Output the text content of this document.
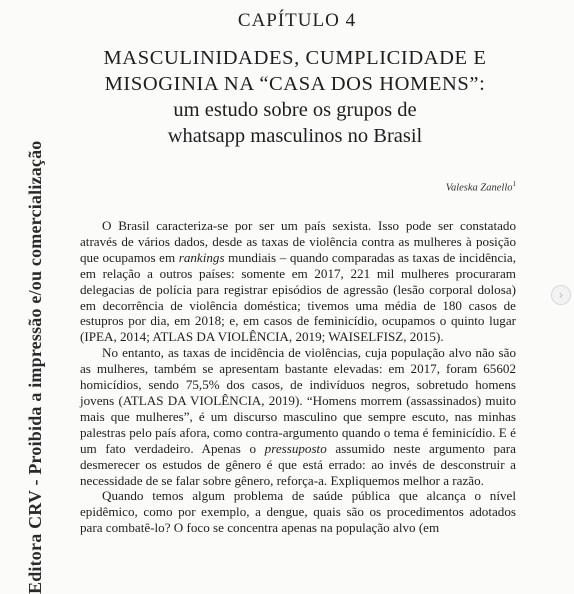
CAPÍTULO 4
MASCULINIDADES, CUMPLICIDADE E
MISOGINIA NA “CASA DOS HOMENS”:
um estudo sobre os grupos de
whatsapp masculinos no Brasil
Valeska Zanello$^1$
Editora CRV - Proibida a impressão e/ou comercialização	O Brasil caracteriza-se por ser um país sexista. Isso pode ser constatado através de vários dados, desde as taxas de violência contra as mulheres à posição que ocupamos em rankings mundiais – quando comparadas as taxas de incidência, em relação a outros países: somente em 2017, 221 mil mulheres procuraram delegacias de polícia para registrar episódios de agressão (lesão corporal dolosa) em decorrência de violência doméstica; tivemos uma média de 180 casos de estupros por dia, em 2018; e, em casos de feminicídio, ocupamos o quinto lugar (IPEA, 2014; ATLAS DA VIOLÊNCIA, 2019; WAISELFISZ, 2015).

No entanto, as taxas de incidência de violências, cuja população alvo não são as mulheres, também se apresentam bastante elevadas: em 2017, foram 65602 homicídios, sendo 75,5% dos casos, de indivíduos negros, sobretudo homens jovens (ATLAS DA VIOLÊNCIA, 2019). “Homens morrem (assassinados) muito mais que mulheres”, é um discurso masculino que sempre escuto, nas minhas palestras pelo país afora, como contra-argumento quando o tema é feminicídio. E é um fato verdadeiro. Apenas o pressuposto assumido neste argumento para desmerecer os estudos de gênero é que está errado: ao invés de desconstruir a necessidade de se falar sobre gênero, reforça-a. Expliquemos melhor a razão.

Quando temos algum problema de saúde pública que alcança o nível epidêmico, como por exemplo, a dengue, quais são os procedimentos adotados para combatê-lo? O foco se concentra apenas na população alvo (em

›
